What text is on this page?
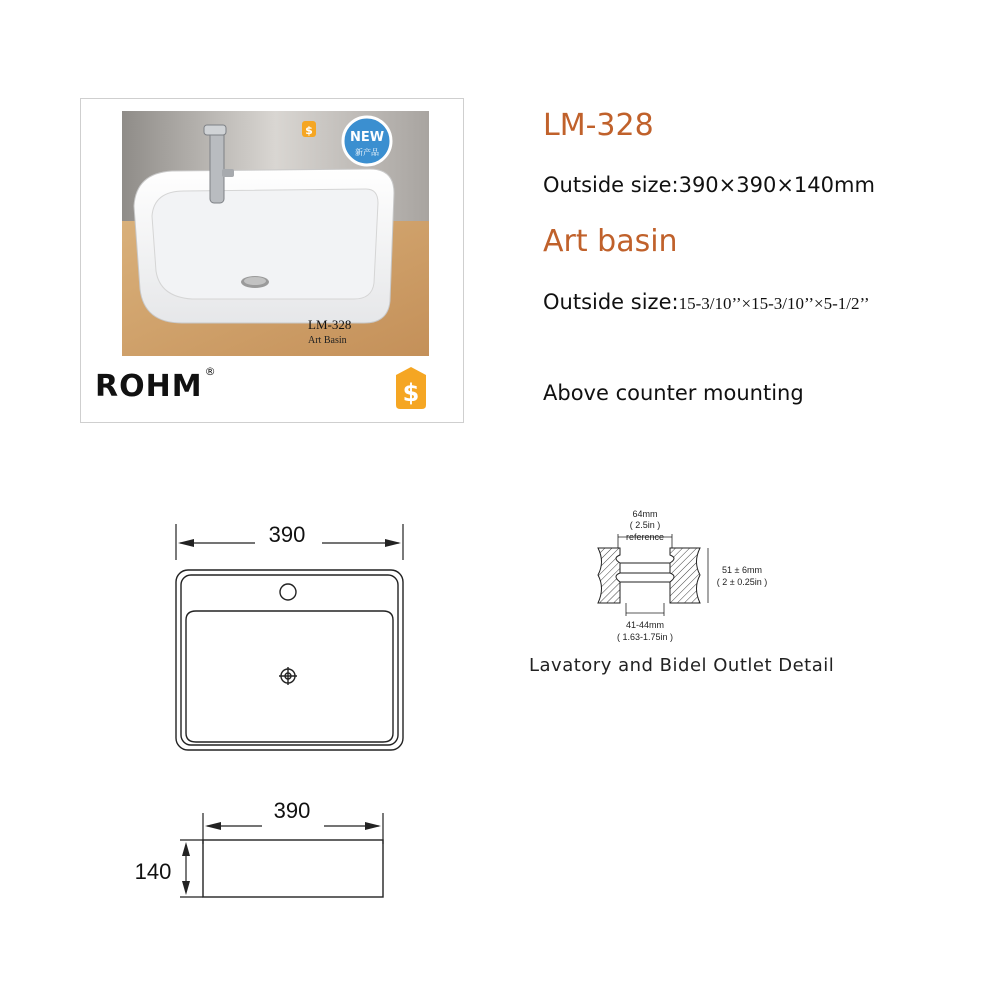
NEW
新产品
$
LM-328
Art Basin
ROHM ®
$
LM-328
Outside size:390×390×140mm
Art basin
Outside size:15-3/10’’×15-3/10’’×5-1/2’’
Above counter mounting
390
390
140
64mm
( 2.5in )
reference
51 ± 6mm
( 2 ± 0.25in )
41-44mm
( 1.63-1.75in )
Lavatory and Bidel Outlet Detail
